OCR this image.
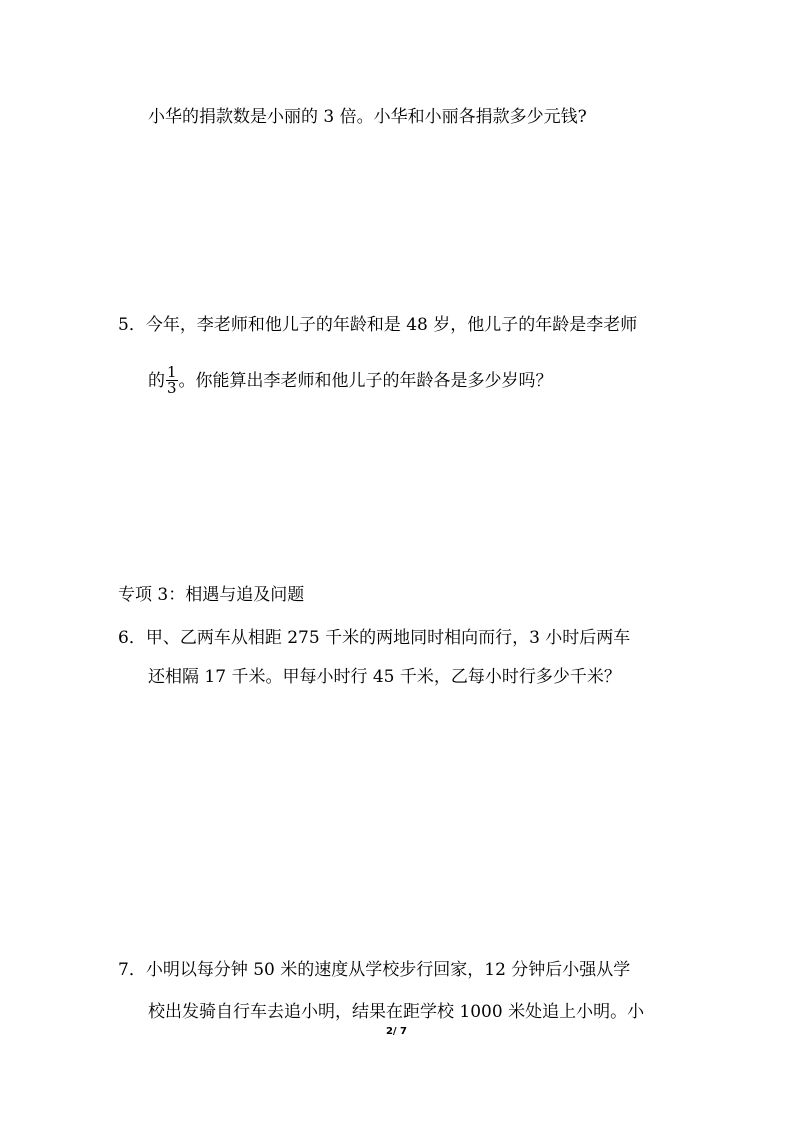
小华的捐款数是小丽的 3 倍。小华和小丽各捐款多少元钱?
5．今年，李老师和他儿子的年龄和是 48 岁，他儿子的年龄是李老师
的 $\frac{1}{3}$ 。你能算出李老师和他儿子的年龄各是多少岁吗？
专项 3：相遇与追及问题
6．甲、乙两车从相距 275 千米的两地同时相向而行，3 小时后两车
还相隔 17 千米。甲每小时行 45 千米，乙每小时行多少千米？
7．小明以每分钟 50 米的速度从学校步行回家，12 分钟后小强从学
校出发骑自行车去追小明，结果在距学校 1000 米处追上小明。小
2/ 7
